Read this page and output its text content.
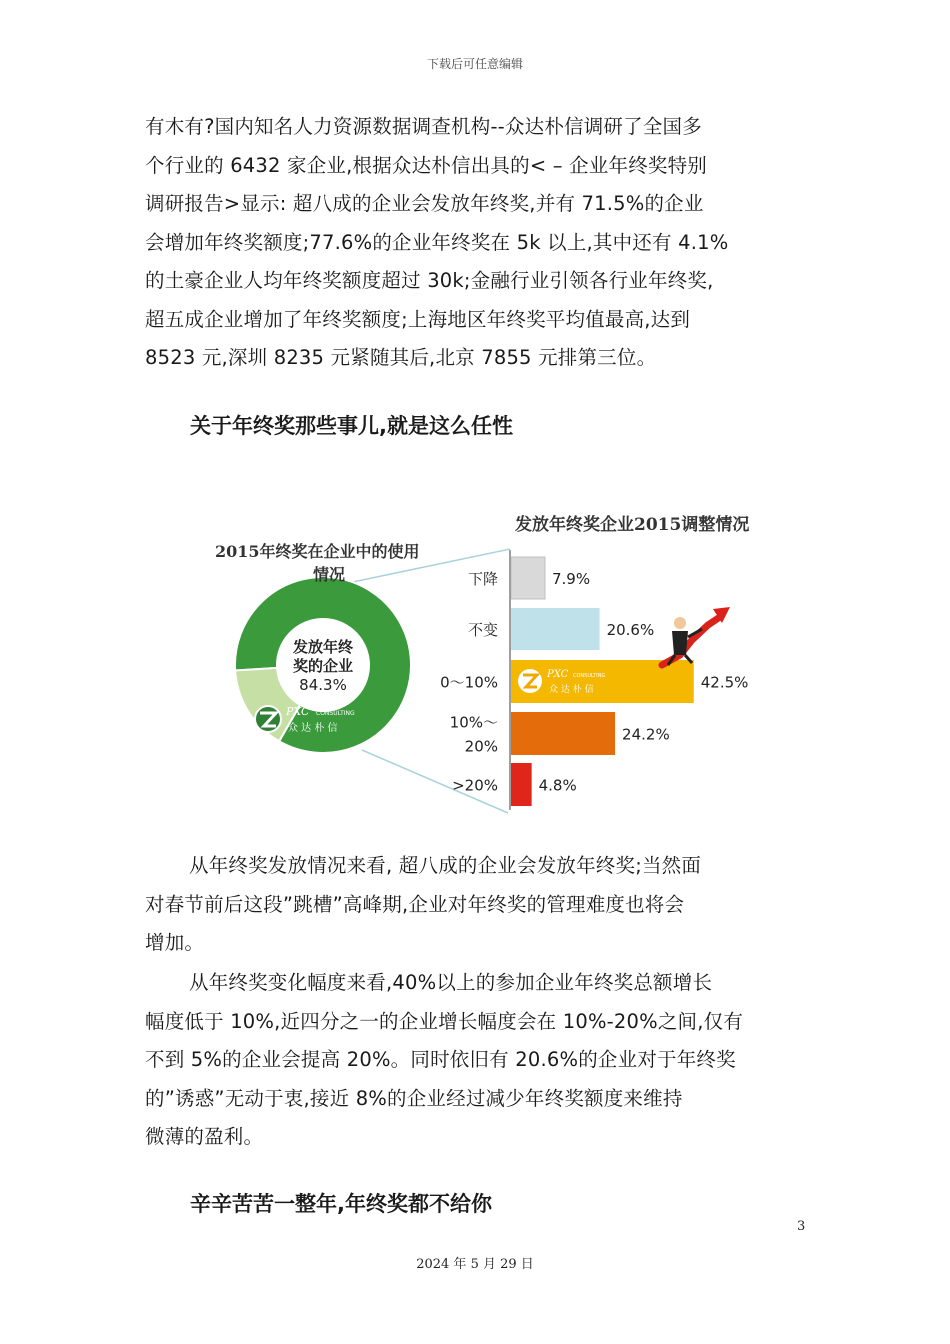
下载后可任意编辑
有木有?国内知名人力资源数据调查机构--众达朴信调研了全国多
个行业的 6432 家企业,根据众达朴信出具的< – 企业年终奖特别
调研报告>显示: 超八成的企业会发放年终奖,并有 71.5%的企业
会增加年终奖额度;77.6%的企业年终奖在 5k 以上,其中还有 4.1%
的土豪企业人均年终奖额度超过 30k;金融行业引领各行业年终奖,
超五成企业增加了年终奖额度;上海地区年终奖平均值最高,达到
8523 元,深圳 8235 元紧随其后,北京 7855 元排第三位。
关于年终奖那些事儿,就是这么任性
2015年终奖在企业中的使用
情况
发放年终
奖的企业
84.3%
PXC CONSULTING
众 达 朴 信
发放年终奖企业2015调整情况
7.9%
下降
20.6%
不变
42.5%
0～10%
24.2%
10%～
20%
4.8%
>20%
PXC CONSULTING
众 达 朴 信
从年终奖发放情况来看, 超八成的企业会发放年终奖;当然面
对春节前后这段”跳槽”高峰期,企业对年终奖的管理难度也将会
增加。
从年终奖变化幅度来看,40%以上的参加企业年终奖总额增长
幅度低于 10%,近四分之一的企业增长幅度会在 10%-20%之间,仅有
不到 5%的企业会提高 20%。同时依旧有 20.6%的企业对于年终奖
的”诱惑”无动于衷,接近 8%的企业经过减少年终奖额度来维持
微薄的盈利。
辛辛苦苦一整年,年终奖都不给你
3
2024 年 5 月 29 日
